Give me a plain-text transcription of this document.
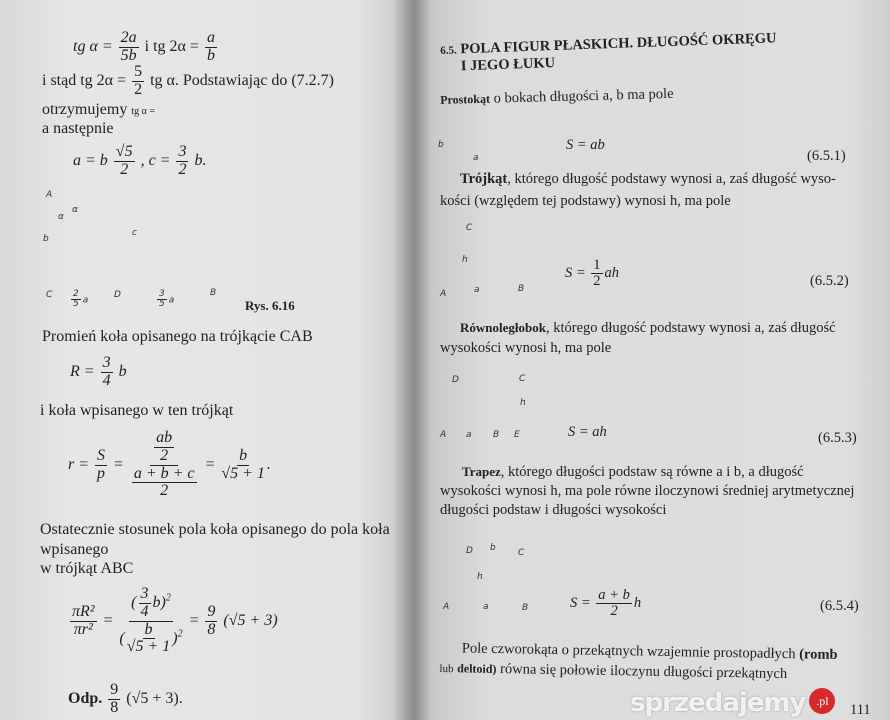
tg $\alpha = \frac{2a}{5b}$ i tg $2\alpha = \frac{a}{b}$
i stąd tg $2\alpha = \frac{5}{2}$ tg α. Podstawiając do (7.2.7) otrzymujemy tg α =
a następnie
a = b $\frac{√5}{2}$ , $c = \frac{3}{2} b$.
A
b
c
α
α
C	D	B
$\frac{2}{5}$ a	$\frac{3}{5}$ a	Rys. 6.16
Promień koła opisanego na trójkącie CAB
$R = \frac{3}{4}$ b
i koła wpisanego w ten trójkąt
$r = \frac{S}{p} = \frac{\frac{ab}{2}}{\frac{a + b + c}{2}} = \frac{b}{√5 + 1}$ .
Ostatecznie stosunek pola koła opisanego do pola koła wpisanego
w trójkąt ABC
$\frac{\text{πR²}}{\text{πr²}} = \frac{( \frac{3}{4} b)^2}{( \frac{b}{√5 + 1} )^2} = \frac{9}{8} (√5 + 3)$
Odp. $\frac{9}{8} (√5 + 3)$.
6.5. POLA FIGUR PŁASKICH. DŁUGOŚĆ OKRĘGU
I JEGO ŁUKU
Prostokąt o bokach długości a, b ma pole
b
a
S = ab
(6.5.1)
Trójkąt, którego długość podstawy wynosi a, zaś długość wyso-
kości (względem tej podstawy) wynosi h, ma pole
C
h
A	a	B
$S = \frac{1}{2}$ ah	(6.5.2)
Równoległobok, którego długość podstawy wynosi a, zaś długość
wysokości wynosi h, ma pole
D	C
h
A a B E	S = ah	(6.5.3)
Trapez, którego długości podstaw są równe a i b, a długość
wysokości wynosi h, ma pole równe iloczynowi średniej arytmetycznej
długości podstaw i długości wysokości
D b C
h
A	a	B	$S = \frac{a + b}{2}$ h	(6.5.4)
Pole czworokąta o przekątnych wzajemnie prostopadłych (romb
lub deltoid) równa się połowie iloczynu długości przekątnych
111
sprzedajemy .pl
